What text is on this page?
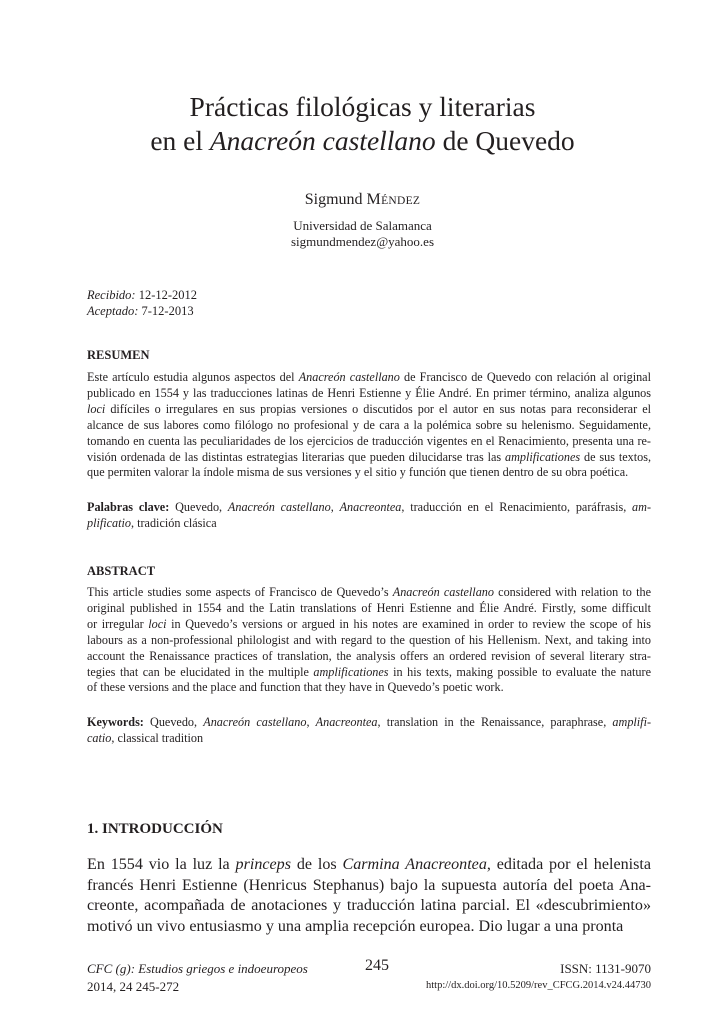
Prácticas filológicas y literarias
en el Anacreón castellano de Quevedo
Sigmund MÉNDEZ
Universidad de Salamanca
sigmundmendez@yahoo.es
Recibido: 12-12-2012
Aceptado: 7-12-2013
RESUMEN
Este artículo estudia algunos aspectos del Anacreón castellano de Francisco de Quevedo con relación al original
publicado en 1554 y las traducciones latinas de Henri Estienne y Élie André. En primer término, analiza algunos
loci difíciles o irregulares en sus propias versiones o discutidos por el autor en sus notas para reconsiderar el
alcance de sus labores como filólogo no profesional y de cara a la polémica sobre su helenismo. Seguidamente,
tomando en cuenta las peculiaridades de los ejercicios de traducción vigentes en el Renacimiento, presenta una re-
visión ordenada de las distintas estrategias literarias que pueden dilucidarse tras las amplificationes de sus textos,
que permiten valorar la índole misma de sus versiones y el sitio y función que tienen dentro de su obra poética.
Palabras clave: Quevedo, Anacreón castellano, Anacreontea, traducción en el Renacimiento, paráfrasis, am-
plificatio, tradición clásica
ABSTRACT
This article studies some aspects of Francisco de Quevedo’s Anacreón castellano considered with relation to the
original published in 1554 and the Latin translations of Henri Estienne and Élie André. Firstly, some difficult
or irregular loci in Quevedo’s versions or argued in his notes are examined in order to review the scope of his
labours as a non-professional philologist and with regard to the question of his Hellenism. Next, and taking into
account the Renaissance practices of translation, the analysis offers an ordered revision of several literary stra-
tegies that can be elucidated in the multiple amplificationes in his texts, making possible to evaluate the nature
of these versions and the place and function that they have in Quevedo’s poetic work.
Keywords: Quevedo, Anacreón castellano, Anacreontea, translation in the Renaissance, paraphrase, amplifi-
catio, classical tradition
1. INTRODUCCIÓN
En 1554 vio la luz la princeps de los Carmina Anacreontea, editada por el helenista
francés Henri Estienne (Henricus Stephanus) bajo la supuesta autoría del poeta Ana-
creonte, acompañada de anotaciones y traducción latina parcial. El «descubrimiento»
motivó un vivo entusiasmo y una amplia recepción europea. Dio lugar a una pronta
CFC (g): Estudios griegos e indoeuropeos
2014, 24 245-272
245	ISSN: 1131-9070
http://dx.doi.org/10.5209/rev_CFCG.2014.v24.44730
